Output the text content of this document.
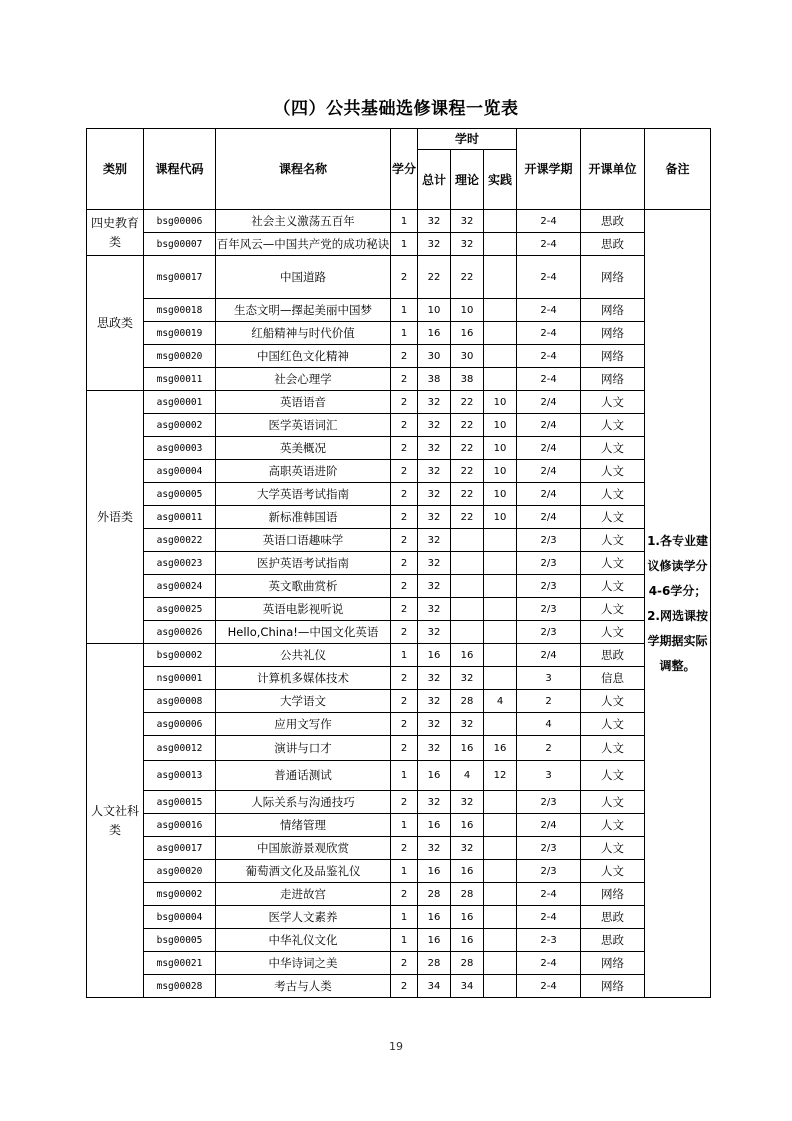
（四）公共基础选修课程一览表
类别	课程代码	课程名称	学分	学时			开课学期	开课单位	备注
				总计	理论	实践			
四史教育类	bsg00006	社会主义激荡五百年	1	32	32		2-4	思政	1.各专业建议修读学分4-6学分；2.网选课按学期据实际调整。
	bsg00007	百年风云—中国共产党的成功秘诀	1	32	32		2-4	思政	
思政类	msg00017	中国道路	2	22	22		2-4	网络	
	msg00018	生态文明—擇起美丽中国梦	1	10	10		2-4	网络	
	msg00019	红船精神与时代价值	1	16	16		2-4	网络	
	msg00020	中国红色文化精神	2	30	30		2-4	网络	
	msg00011	社会心理学	2	38	38		2-4	网络	
外语类	asg00001	英语语音	2	32	22	10	2/4	人文	
	asg00002	医学英语词汇	2	32	22	10	2/4	人文	
	asg00003	英美概况	2	32	22	10	2/4	人文	
	asg00004	高职英语进阶	2	32	22	10	2/4	人文	
	asg00005	大学英语考试指南	2	32	22	10	2/4	人文	
	asg00011	新标准韩国语	2	32	22	10	2/4	人文	
	asg00022	英语口语趣味学	2	32			2/3	人文	
	asg00023	医护英语考试指南	2	32			2/3	人文	
	asg00024	英文歌曲赏析	2	32			2/3	人文	
	asg00025	英语电影视听说	2	32			2/3	人文	
	asg00026	Hello,China!—中国文化英语	2	32			2/3	人文	
人文社科类	bsg00002	公共礼仪	1	16	16		2/4	思政	
	nsg00001	计算机多媒体技术	2	32	32		3	信息	
	asg00008	大学语文	2	32	28	4	2	人文	
	asg00006	应用文写作	2	32	32		4	人文	
	asg00012	演讲与口才	2	32	16	16	2	人文	
	asg00013	普通话测试	1	16	4	12	3	人文	
	asg00015	人际关系与沟通技巧	2	32	32		2/3	人文	
	asg00016	情绪管理	1	16	16		2/4	人文	
	asg00017	中国旅游景观欣赏	2	32	32		2/3	人文	
	asg00020	葡萄酒文化及品鉴礼仪	1	16	16		2/3	人文	
	msg00002	走进故宫	2	28	28		2-4	网络	
	bsg00004	医学人文素养	1	16	16		2-4	思政	
	bsg00005	中华礼仪文化	1	16	16		2-3	思政	
	msg00021	中华诗词之美	2	28	28		2-4	网络	
	msg00028	考古与人类	2	34	34		2-4	网络	
19
